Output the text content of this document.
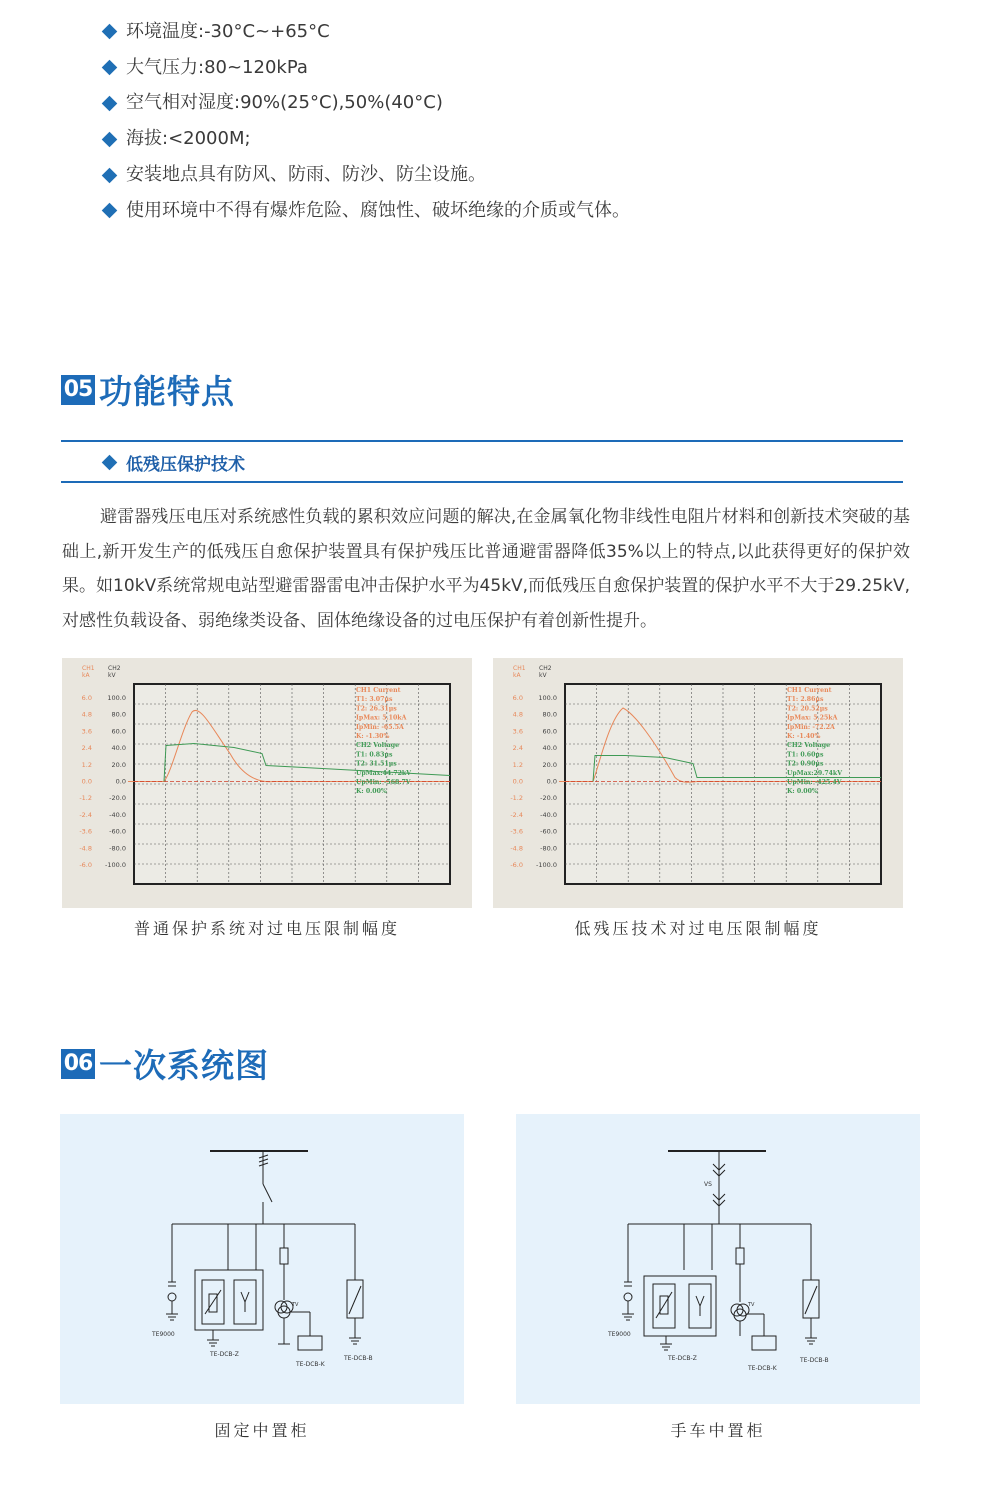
环境温度:-30°C~+65°C
大气压力:80~120kPa
空气相对湿度:90%(25°C),50%(40°C)
海拔:<2000M;
安装地点具有防风、防雨、防沙、防尘设施。
使用环境中不得有爆炸危险、腐蚀性、破坏绝缘的介质或气体。
05 功能特点
低残压保护技术
避雷器残压电压对系统感性负载的累积效应问题的解决,在金属氧化物非线性电阻片材料和创新技术突破的基础上,新开发生产的低残压自愈保护装置具有保护残压比普通避雷器降低35%以上的特点,以此获得更好的保护效果。如10kV系统常规电站型避雷器雷电冲击保护水平为45kV,而低残压自愈保护装置的保护水平不大于29.25kV,对感性负载设备、弱绝缘类设备、固体绝缘设备的过电压保护有着创新性提升。
CH1
kA
CH2
kV
6.0
4.8
3.6
2.4
1.2
0.0
-1.2
-2.4
-3.6
-4.8
-6.0
100.0
80.0
60.0
40.0
20.0
0.0
-20.0
-40.0
-60.0
-80.0
-100.0
CH1 Current
T1: 3.07μs
T2: 26.31μs
IpMax: 5.10kA
IpMin: -65.5A
K: -1.30%
CH2 Voltage
T1: 0.83μs
T2: 31.51μs
UpMax:44.72kV
UpMin: -568.7V
K: 0.00%
CH1
kA
CH2
kV
6.0
4.8
3.6
2.4
1.2
0.0
-1.2
-2.4
-3.6
-4.8
-6.0
100.0
80.0
60.0
40.0
20.0
0.0
-20.0
-40.0
-60.0
-80.0
-100.0
CH1 Current
T1: 2.86μs
T2: 20.52μs
IpMax: 5.25kA
IpMin: -72.2A
K: -1.40%
CH2 Voltage
T1: 0.60μs
T2: 0.90μs
UpMax:29.74kV
UpMin: -425.4V
K: 0.00%
普通保护系统对过电压限制幅度	低残压技术对过电压限制幅度
06 一次系统图
TE9000
TE-DCB-Z
TE-DCB-K
TE-DCB-B
TV
VS
TE9000
TE-DCB-Z
TE-DCB-K
TE-DCB-B
TV
固定中置柜	手车中置柜
